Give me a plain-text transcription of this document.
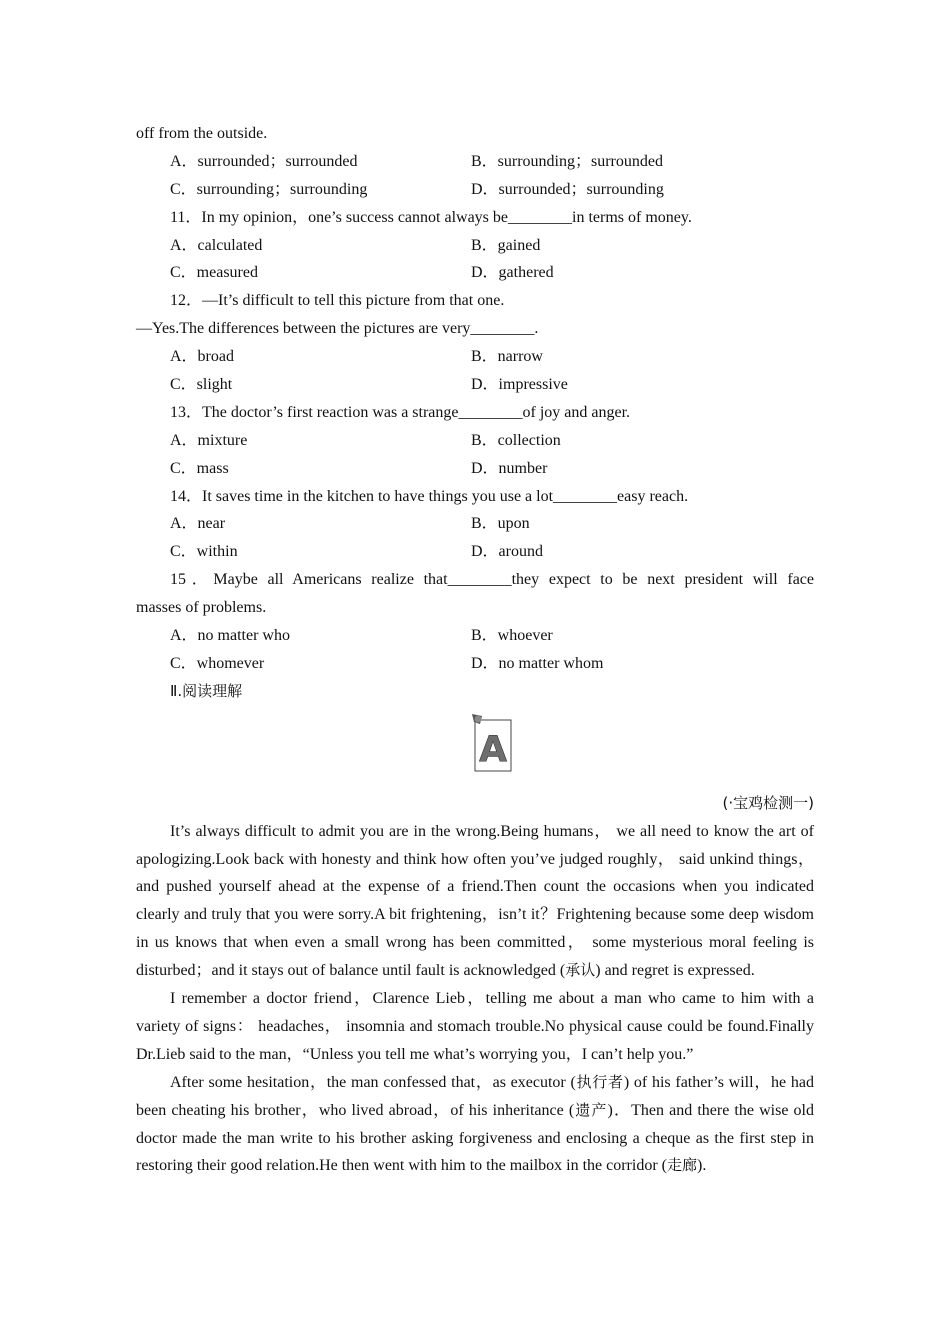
off from the outside.
A．surrounded；surrounded	B．surrounding；surrounded
C．surrounding；surrounding	D．surrounded；surrounding
11．In my opinion，one’s success cannot always be________in terms of money.
A．calculated	B．gained
C．measured	D．gathered
12．—It’s difficult to tell this picture from that one.
—Yes.The differences between the pictures are very________.
A．broad	B．narrow
C．slight	D．impressive
13．The doctor’s first reaction was a strange________of joy and anger.
A．mixture	B．collection
C．mass	D．number
14．It saves time in the kitchen to have things you use a lot________easy reach.
A．near	B．upon
C．within	D．around
15．Maybe all Americans realize that________they expect to be next president will face
masses of problems.
A．no matter who	B．whoever
C．whomever	D．no matter whom
Ⅱ.阅读理解
A
(·宝鸡检测一)

It’s always difficult to admit you are in the wrong.Being humans， we all need to know the art of apologizing.Look back with honesty and think how often you’ve judged roughly， said unkind things，and pushed yourself ahead at the expense of a friend.Then count the occasions when you indicated clearly and truly that you were sorry.A bit frightening，isn’t it？Frightening because some deep wisdom in us knows that when even a small wrong has been committed， some mysterious moral feeling is disturbed；and it stays out of balance until fault is acknowledged (承认) and regret is expressed.

I remember a doctor friend，Clarence Lieb，telling me about a man who came to him with a variety of signs： headaches， insomnia and stomach trouble.No physical cause could be found.Finally Dr.Lieb said to the man，“Unless you tell me what’s worrying you，I can’t help you.”

After some hesitation，the man confessed that，as executor (执行者) of his father’s will，he had been cheating his brother，who lived abroad，of his inheritance (遗产)．Then and there the wise old doctor made the man write to his brother asking forgiveness and enclosing a cheque as the first step in restoring their good relation.He then went with him to the mailbox in the corridor (走廊).
